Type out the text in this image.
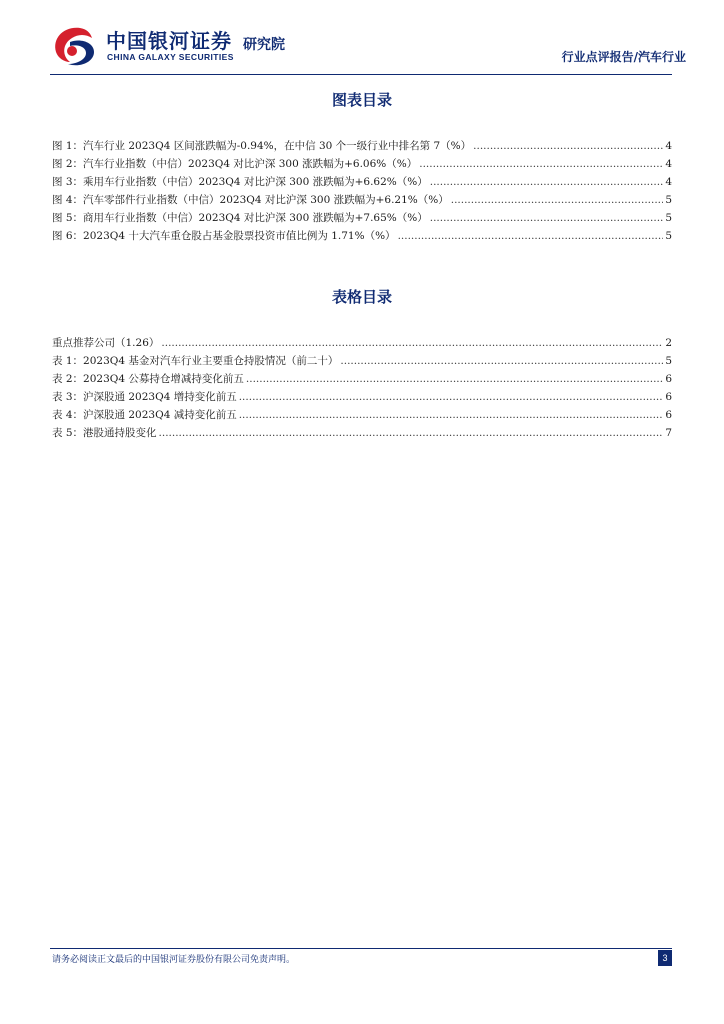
中国银河证券
CHINA GALAXY SECURITIES
研究院
行业点评报告/汽车行业
图表目录
图 1： 汽车行业 2023Q4 区间涨跌幅为-0.94%，在中信 30 个一级行业中排名第 7（%） .....	4
图 2： 汽车行业指数（中信）2023Q4 对比沪深 300 涨跌幅为+6.06%（%） .....	4
图 3： 乘用车行业指数（中信）2023Q4 对比沪深 300 涨跌幅为+6.62%（%） .....	4
图 4： 汽车零部件行业指数（中信）2023Q4 对比沪深 300 涨跌幅为+6.21%（%） .....	5
图 5： 商用车行业指数（中信）2023Q4 对比沪深 300 涨跌幅为+7.65%（%） .....	5
图 6： 2023Q4 十大汽车重仓股占基金股票投资市值比例为 1.71%（%） .....	5
表格目录
重点推荐公司（1.26） .....	2
表 1： 2023Q4 基金对汽车行业主要重仓持股情况（前二十） .....	5
表 2： 2023Q4 公募持仓增减持变化前五 .....	6
表 3： 沪深股通 2023Q4 增持变化前五 .....	6
表 4： 沪深股通 2023Q4 减持变化前五 .....	6
表 5： 港股通持股变化 .....	7
请务必阅读正文最后的中国银河证券股份有限公司免责声明。	3
